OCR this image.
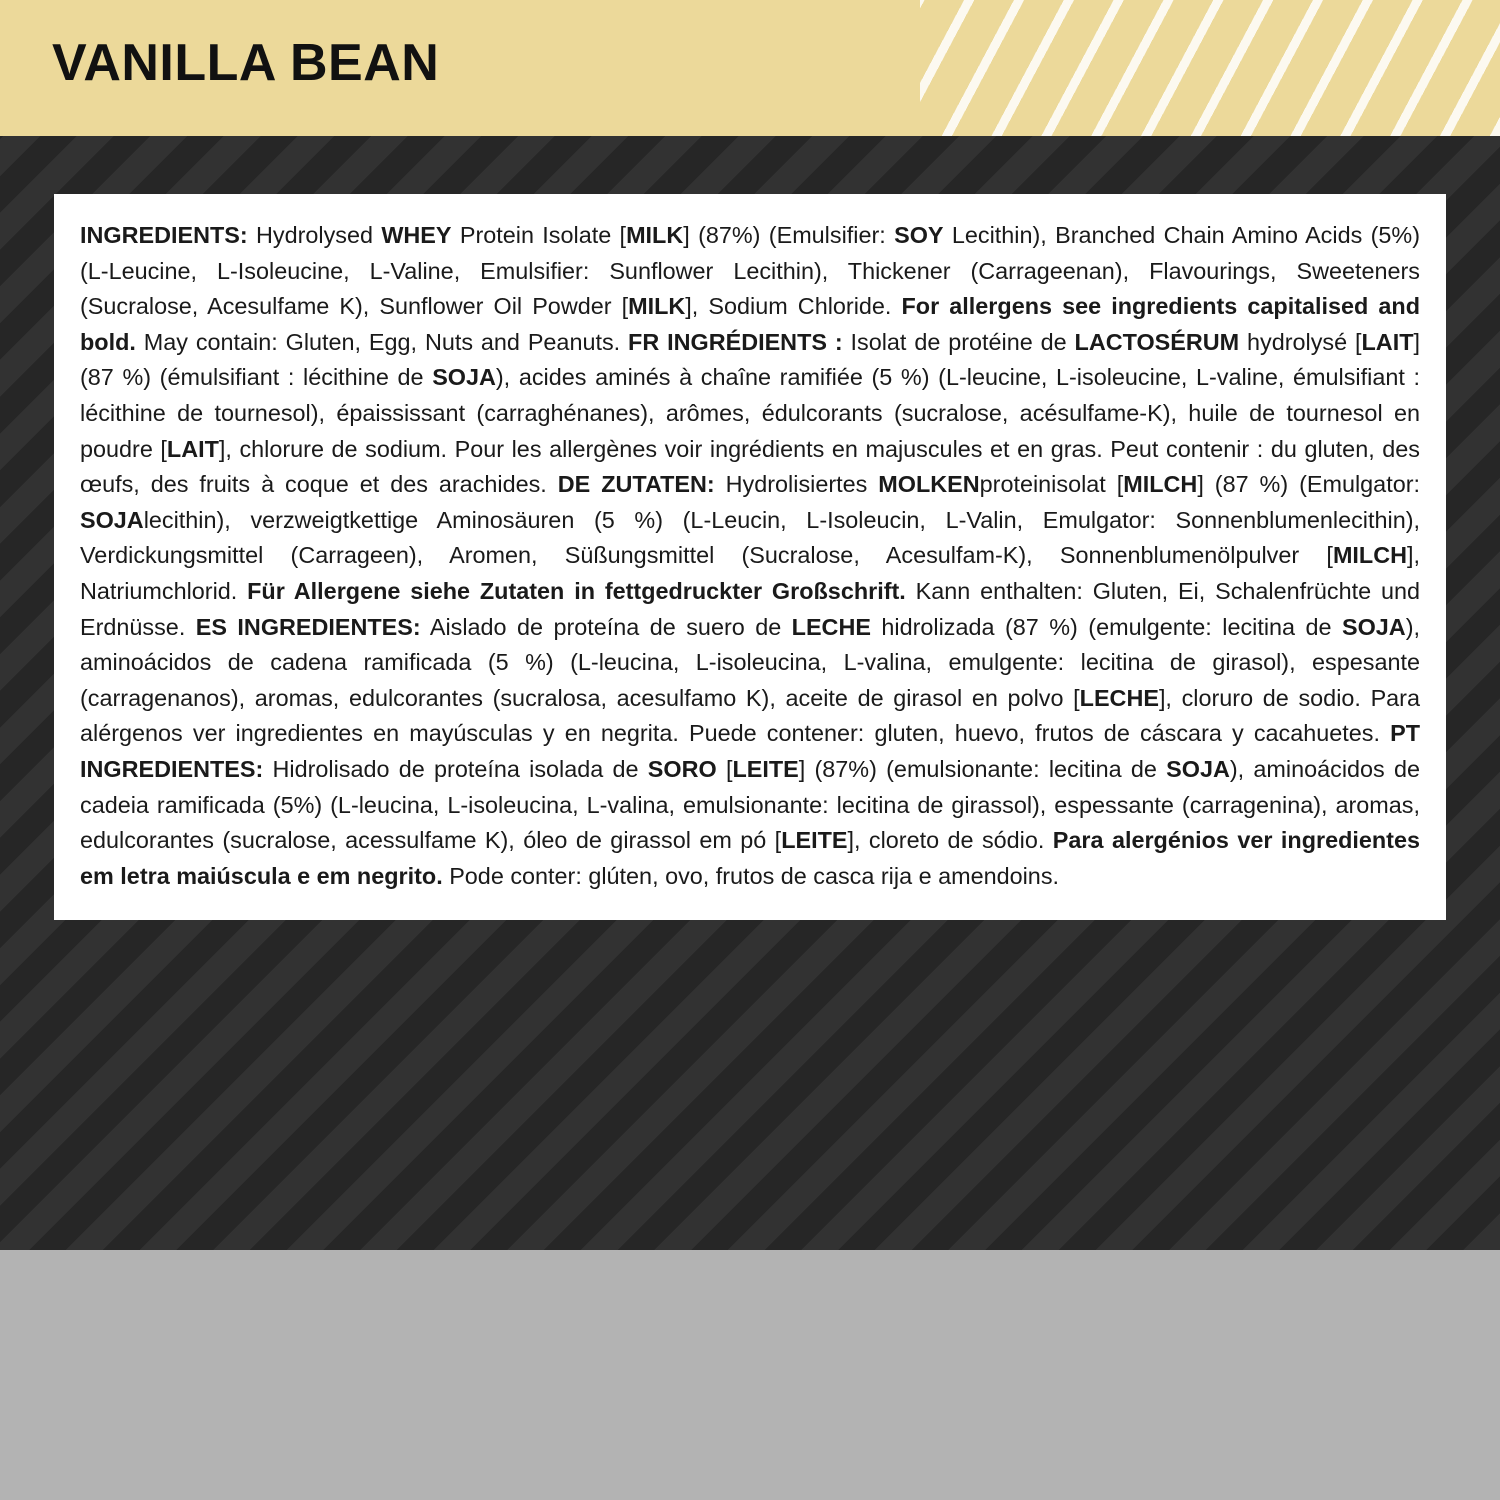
VANILLA BEAN

INGREDIENTS: Hydrolysed WHEY Protein Isolate [MILK] (87%) (Emulsifier: SOY Lecithin), Branched Chain Amino Acids (5%) (L-Leucine, L-Isoleucine, L-Valine, Emulsifier: Sunflower Lecithin), Thickener (Carrageenan), Flavourings, Sweeteners (Sucralose, Acesulfame K), Sunflower Oil Powder [MILK], Sodium Chloride. For allergens see ingredients capitalised and bold. May contain: Gluten, Egg, Nuts and Peanuts. FR INGRÉDIENTS : Isolat de protéine de LACTOSÉRUM hydrolysé [LAIT] (87 %) (émulsifiant : lécithine de SOJA), acides aminés à chaîne ramifiée (5 %) (L-leucine, L-isoleucine, L-valine, émulsifiant : lécithine de tournesol), épaississant (carraghénanes), arômes, édulcorants (sucralose, acésulfame-K), huile de tournesol en poudre [LAIT], chlorure de sodium. Pour les allergènes voir ingrédients en majuscules et en gras. Peut contenir : du gluten, des œufs, des fruits à coque et des arachides. DE ZUTATEN: Hydrolisiertes MOLKENproteinisolat [MILCH] (87 %) (Emulgator: SOJAlecithin), verzweigtkettige Aminosäuren (5 %) (L-Leucin, L-Isoleucin, L-Valin, Emulgator: Sonnenblumenlecithin), Verdickungsmittel (Carrageen), Aromen, Süßungsmittel (Sucralose, Acesulfam-K), Sonnenblumenölpulver [MILCH], Natriumchlorid. Für Allergene siehe Zutaten in fettgedruckter Großschrift. Kann enthalten: Gluten, Ei, Schalenfrüchte und Erdnüsse. ES INGREDIENTES: Aislado de proteína de suero de LECHE hidrolizada (87 %) (emulgente: lecitina de SOJA), aminoácidos de cadena ramificada (5 %) (L-leucina, L-isoleucina, L-valina, emulgente: lecitina de girasol), espesante (carragenanos), aromas, edulcorantes (sucralosa, acesulfamo K), aceite de girasol en polvo [LECHE], cloruro de sodio. Para alérgenos ver ingredientes en mayúsculas y en negrita. Puede contener: gluten, huevo, frutos de cáscara y cacahuetes. PT INGREDIENTES: Hidrolisado de proteína isolada de SORO [LEITE] (87%) (emulsionante: lecitina de SOJA), aminoácidos de cadeia ramificada (5%) (L-leucina, L-isoleucina, L-valina, emulsionante: lecitina de girassol), espessante (carragenina), aromas, edulcorantes (sucralose, acessulfame K), óleo de girassol em pó [LEITE], cloreto de sódio. Para alergénios ver ingredientes em letra maiúscula e em negrito. Pode conter: glúten, ovo, frutos de casca rija e amendoins.
